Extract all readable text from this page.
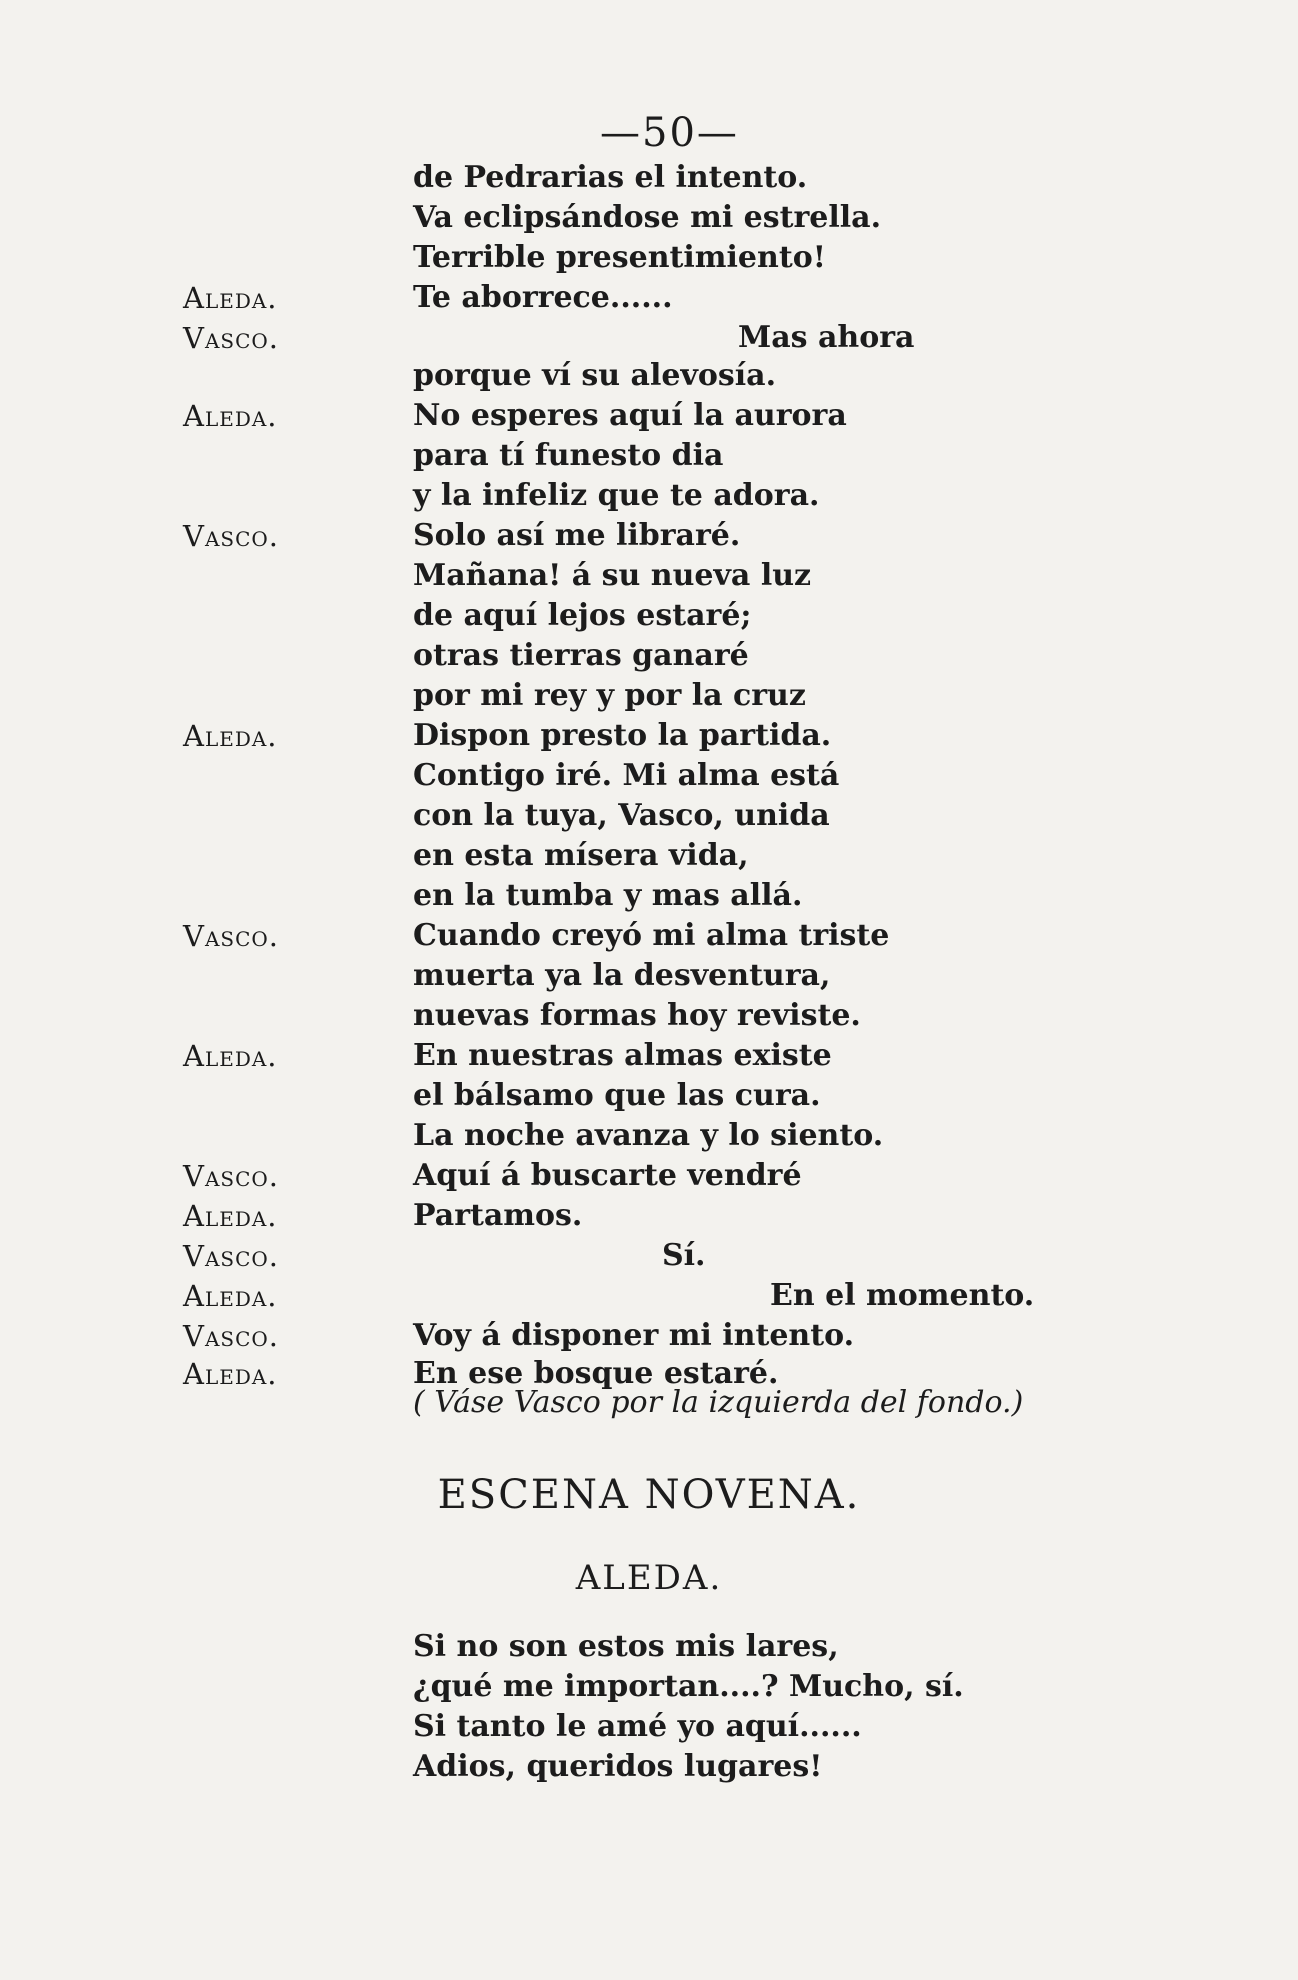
—50—
de Pedrarias el intento.
Va eclipsándose mi estrella.
Terrible presentimiento!
Aleda.	Te aborrece......
Vasco.	Mas ahora
porque ví su alevosía.
Aleda.	No esperes aquí la aurora
para tí funesto dia
y la infeliz que te adora.
Vasco.	Solo así me libraré.
Mañana! á su nueva luz
de aquí lejos estaré;
otras tierras ganaré
por mi rey y por la cruz
Aleda.	Dispon presto la partida.
Contigo iré. Mi alma está
con la tuya, Vasco, unida
en esta mísera vida,
en la tumba y mas allá.
Vasco.	Cuando creyó mi alma triste
muerta ya la desventura,
nuevas formas hoy reviste.
Aleda.	En nuestras almas existe
el bálsamo que las cura.
La noche avanza y lo siento.
Vasco.	Aquí á buscarte vendré
Aleda.	Partamos.
Vasco.	Sí.
Aleda.	En el momento.
Vasco.	Voy á disponer mi intento.
Aleda.	En ese bosque estaré.
( Váse Vasco por la izquierda del fondo.)
ESCENA NOVENA.
ALEDA.
Si no son estos mis lares,
¿qué me importan....? Mucho, sí.
Si tanto le amé yo aquí......
Adios, queridos lugares!
